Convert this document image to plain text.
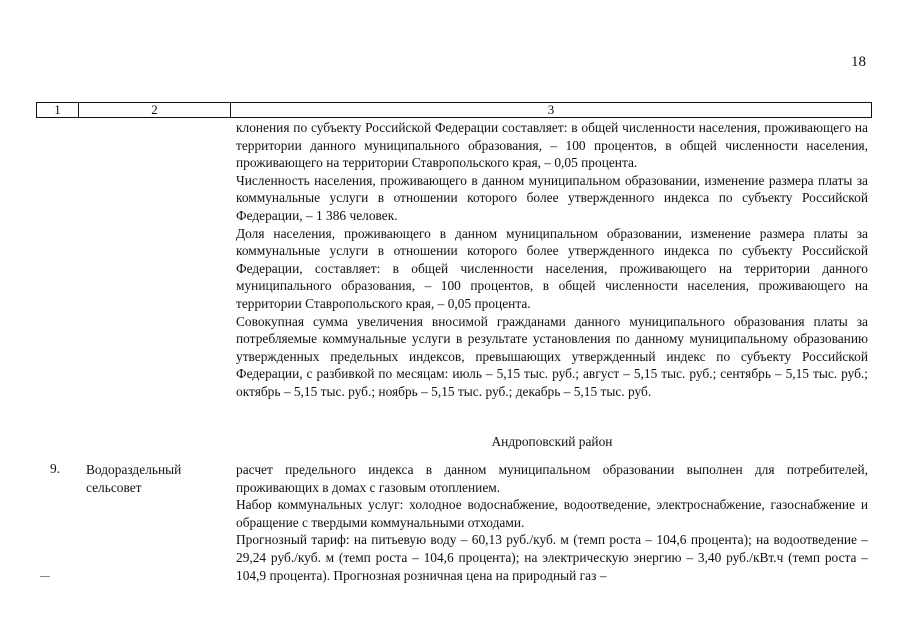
18
1	2	3

клонения по субъекту Российской Федерации составляет: в общей численности населения, проживающего на территории данного муниципального образования, – 100 процентов, в общей численности населения, проживающего на территории Ставропольского края, – 0,05 процента.

Численность населения, проживающего в данном муниципальном образовании, изменение размера платы за коммунальные услуги в отношении которого более утвержденного индекса по субъекту Российской Федерации, – 1 386 человек.

Доля населения, проживающего в данном муниципальном образовании, изменение размера платы за коммунальные услуги в отношении которого более утвержденного индекса по субъекту Российской Федерации, составляет: в общей численности населения, проживающего на территории данного муниципального образования, – 100 процентов, в общей численности населения, проживающего на территории Ставропольского края, – 0,05 процента.

Совокупная сумма увеличения вносимой гражданами данного муниципального образования платы за потребляемые коммунальные услуги в результате установления по данному муниципальному образованию утвержденных предельных индексов, превышающих утвержденный индекс по субъекту Российской Федерации, с разбивкой по месяцам: июль – 5,15 тыс. руб.; август – 5,15 тыс. руб.; сентябрь – 5,15 тыс. руб.; октябрь – 5,15 тыс. руб.; ноябрь – 5,15 тыс. руб.; декабрь – 5,15 тыс. руб.

Андроповский район
9. Водораздельный сельсовет

расчет предельного индекса в данном муниципальном образовании выполнен для потребителей, проживающих в домах с газовым отоплением.

Набор коммунальных услуг: холодное водоснабжение, водоотведение, электроснабжение, газоснабжение и обращение с твердыми коммунальными отходами.

Прогнозный тариф: на питьевую воду – 60,13 руб./куб. м (темп роста – 104,6 процента); на водоотведение – 29,24 руб./куб. м (темп роста – 104,6 процента); на электрическую энергию – 3,40 руб./кВт.ч (темп роста – 104,9 процента). Прогнозная розничная цена на природный газ –
